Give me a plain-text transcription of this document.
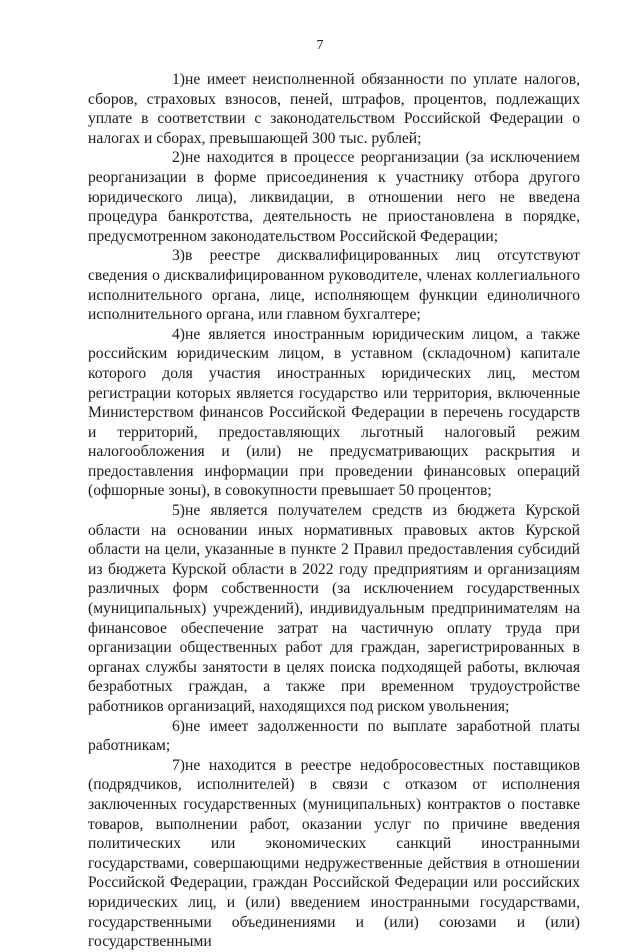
7

1)не имеет неисполненной обязанности по уплате налогов, сборов, страховых взносов, пеней, штрафов, процентов, подлежащих уплате в соответствии с законодательством Российской Федерации о налогах и сборах, превышающей 300 тыс. рублей;

2)не находится в процессе реорганизации (за исключением реорганизации в форме присоединения к участнику отбора другого юридического лица), ликвидации, в отношении него не введена процедура банкротства, деятельность не приостановлена в порядке, предусмотренном законодательством Российской Федерации;

3)в реестре дисквалифицированных лиц отсутствуют сведения о дисквалифицированном руководителе, членах коллегиального исполнительного органа, лице, исполняющем функции единоличного исполнительного органа, или главном бухгалтере;

4)не является иностранным юридическим лицом, а также российским юридическим лицом, в уставном (складочном) капитале которого доля участия иностранных юридических лиц, местом регистрации которых является государство или территория, включенные Министерством финансов Российской Федерации в перечень государств и территорий, предоставляющих льготный налоговый режим налогообложения и (или) не предусматривающих раскрытия и предоставления информации при проведении финансовых операций (офшорные зоны), в совокупности превышает 50 процентов;

5)не является получателем средств из бюджета Курской области на основании иных нормативных правовых актов Курской области на цели, указанные в пункте 2 Правил предоставления субсидий из бюджета Курской области в 2022 году предприятиям и организациям различных форм собственности (за исключением государственных (муниципальных) учреждений), индивидуальным предпринимателям на финансовое обеспечение затрат на частичную оплату труда при организации общественных работ для граждан, зарегистрированных в органах службы занятости в целях поиска подходящей работы, включая безработных граждан, а также при временном трудоустройстве работников организаций, находящихся под риском увольнения;

6)не имеет задолженности по выплате заработной платы работникам;

7)не находится в реестре недобросовестных поставщиков (подрядчиков, исполнителей) в связи с отказом от исполнения заключенных государственных (муниципальных) контрактов о поставке товаров, выполнении работ, оказании услуг по причине введения политических или экономических санкций иностранными государствами, совершающими недружественные действия в отношении Российской Федерации, граждан Российской Федерации или российских юридических лиц, и (или) введением иностранными государствами, государственными объединениями и (или) союзами и (или) государственными
